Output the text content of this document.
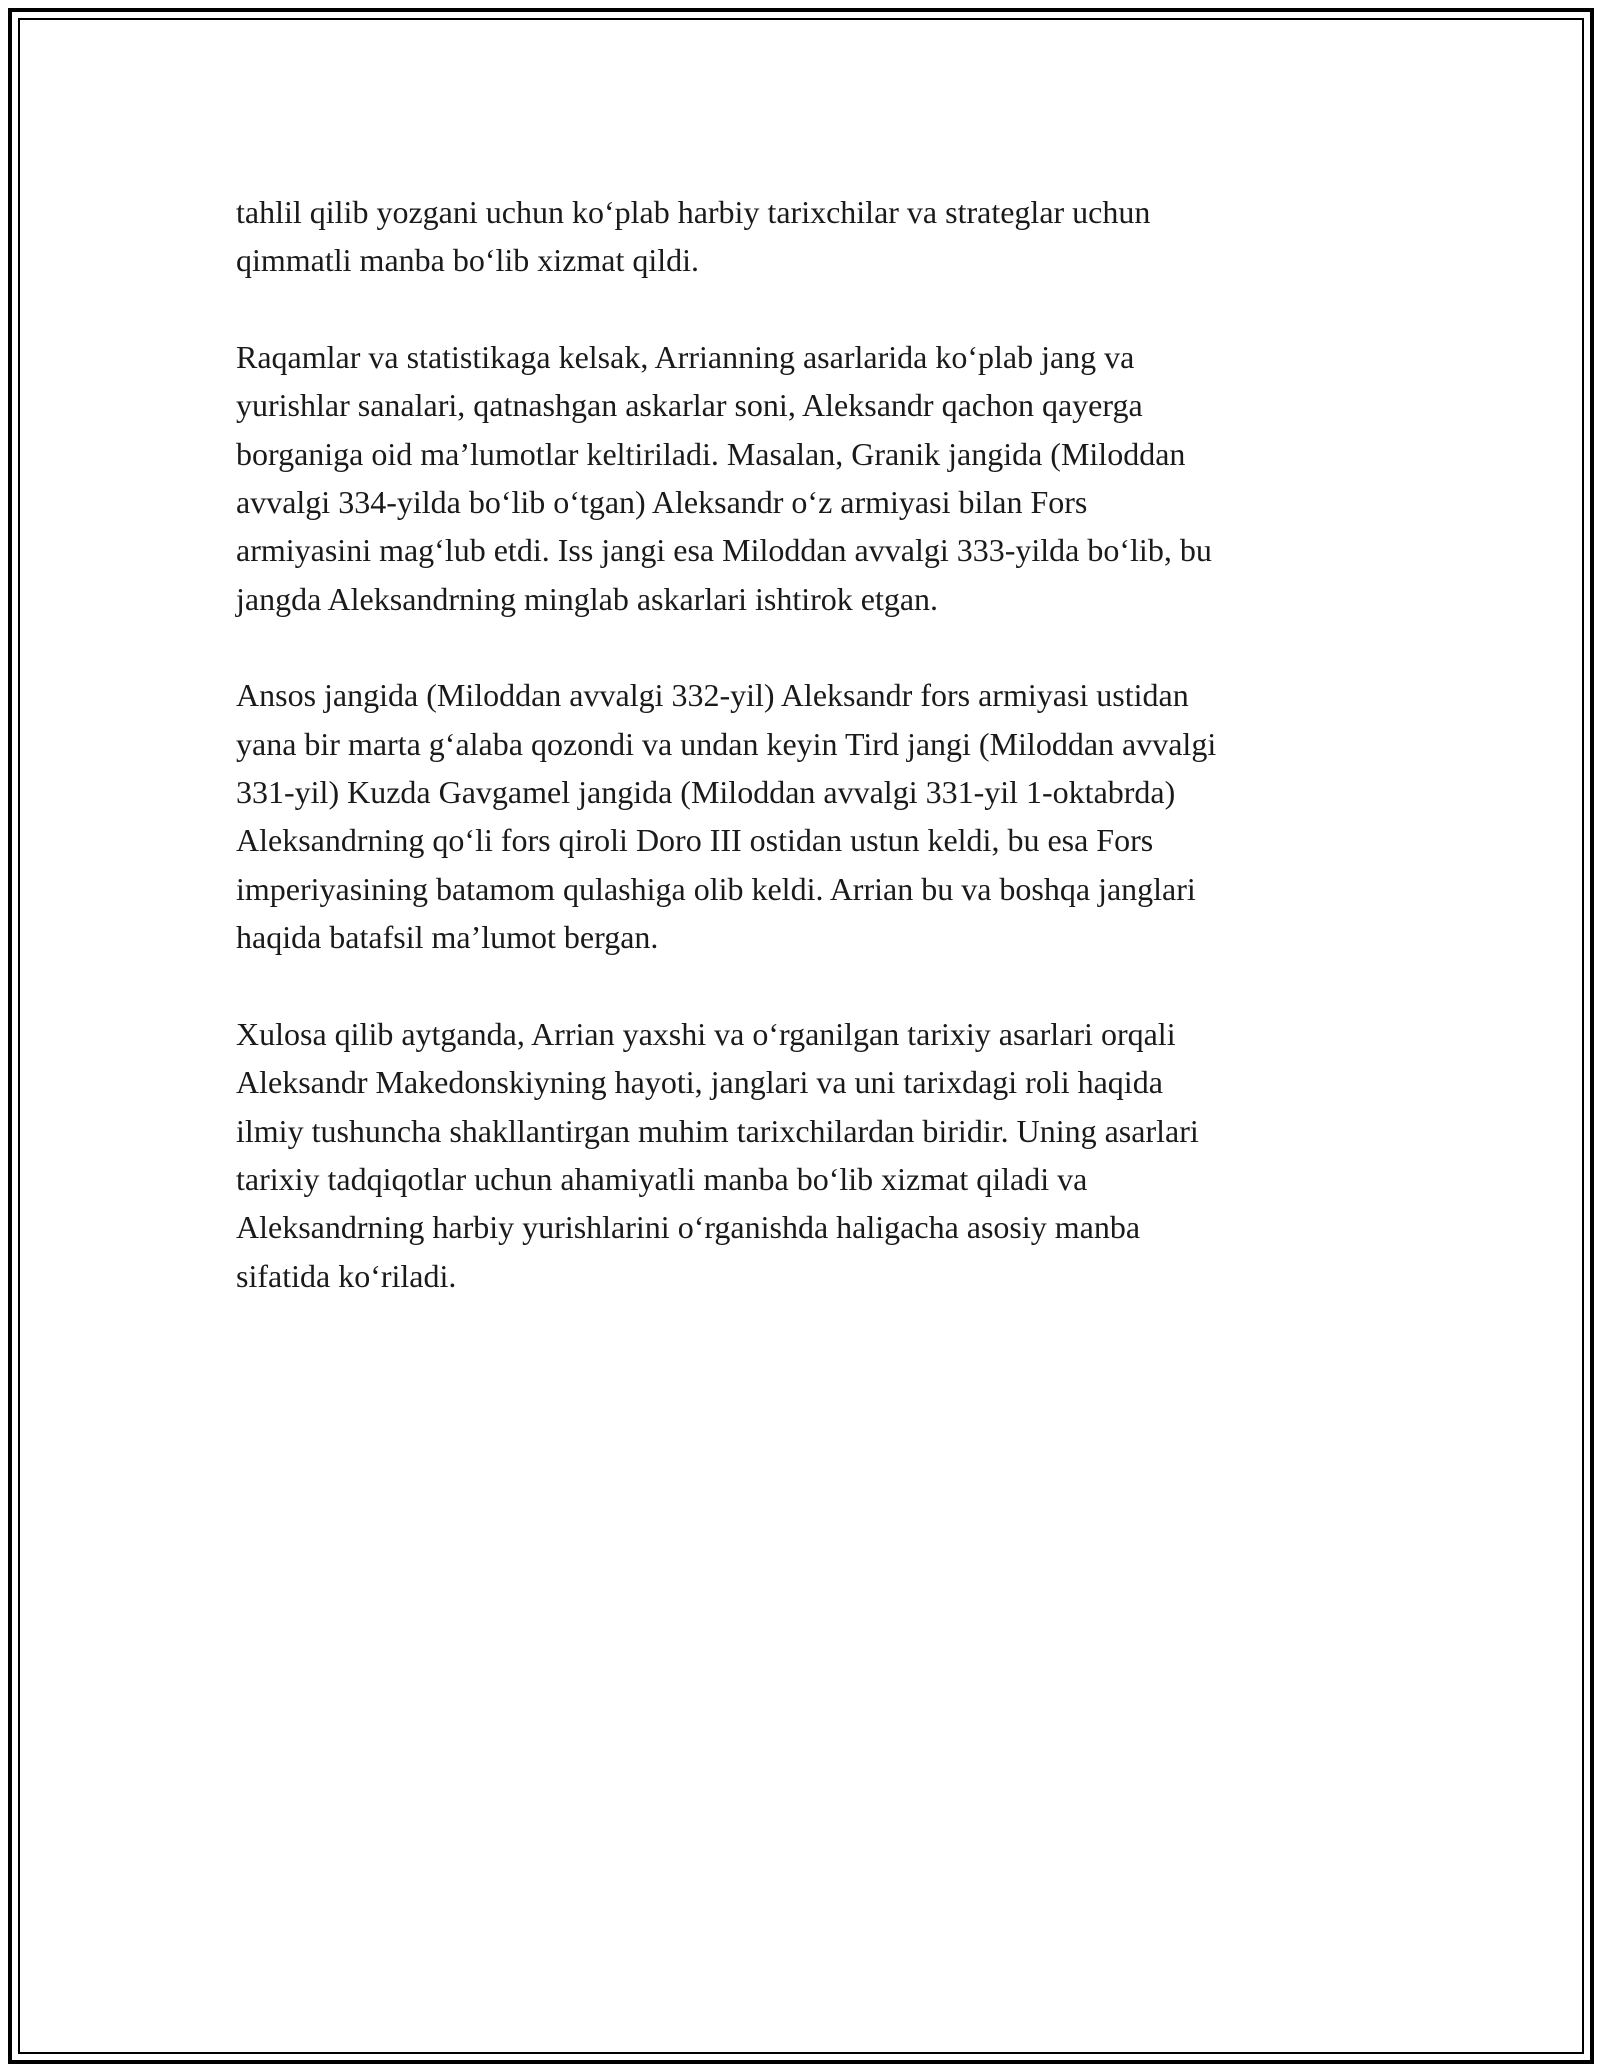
tahlil qilib yozgani uchun koʻplab harbiy tarixchilar va strateglar uchun
qimmatli manba boʻlib xizmat qildi.

Raqamlar va statistikaga kelsak, Arrianning asarlarida koʻplab jang va
yurishlar sanalari, qatnashgan askarlar soni, Aleksandr qachon qayerga
borganiga oid maʼlumotlar keltiriladi. Masalan, Granik jangida (Miloddan
avvalgi 334-yilda boʻlib oʻtgan) Aleksandr oʻz armiyasi bilan Fors
armiyasini magʻlub etdi. Iss jangi esa Miloddan avvalgi 333-yilda boʻlib, bu
jangda Aleksandrning minglab askarlari ishtirok etgan.

Ansos jangida (Miloddan avvalgi 332-yil) Aleksandr fors armiyasi ustidan
yana bir marta gʻalaba qozondi va undan keyin Tird jangi (Miloddan avvalgi
331-yil) Kuzda Gavgamel jangida (Miloddan avvalgi 331-yil 1-oktabrda)
Aleksandrning qoʻli fors qiroli Doro III ostidan ustun keldi, bu esa Fors
imperiyasining batamom qulashiga olib keldi. Arrian bu va boshqa janglari
haqida batafsil maʼlumot bergan.

Xulosa qilib aytganda, Arrian yaxshi va oʻrganilgan tarixiy asarlari orqali
Aleksandr Makedonskiyning hayoti, janglari va uni tarixdagi roli haqida
ilmiy tushuncha shakllantirgan muhim tarixchilardan biridir. Uning asarlari
tarixiy tadqiqotlar uchun ahamiyatli manba boʻlib xizmat qiladi va
Aleksandrning harbiy yurishlarini oʻrganishda haligacha asosiy manba
sifatida koʻriladi.
